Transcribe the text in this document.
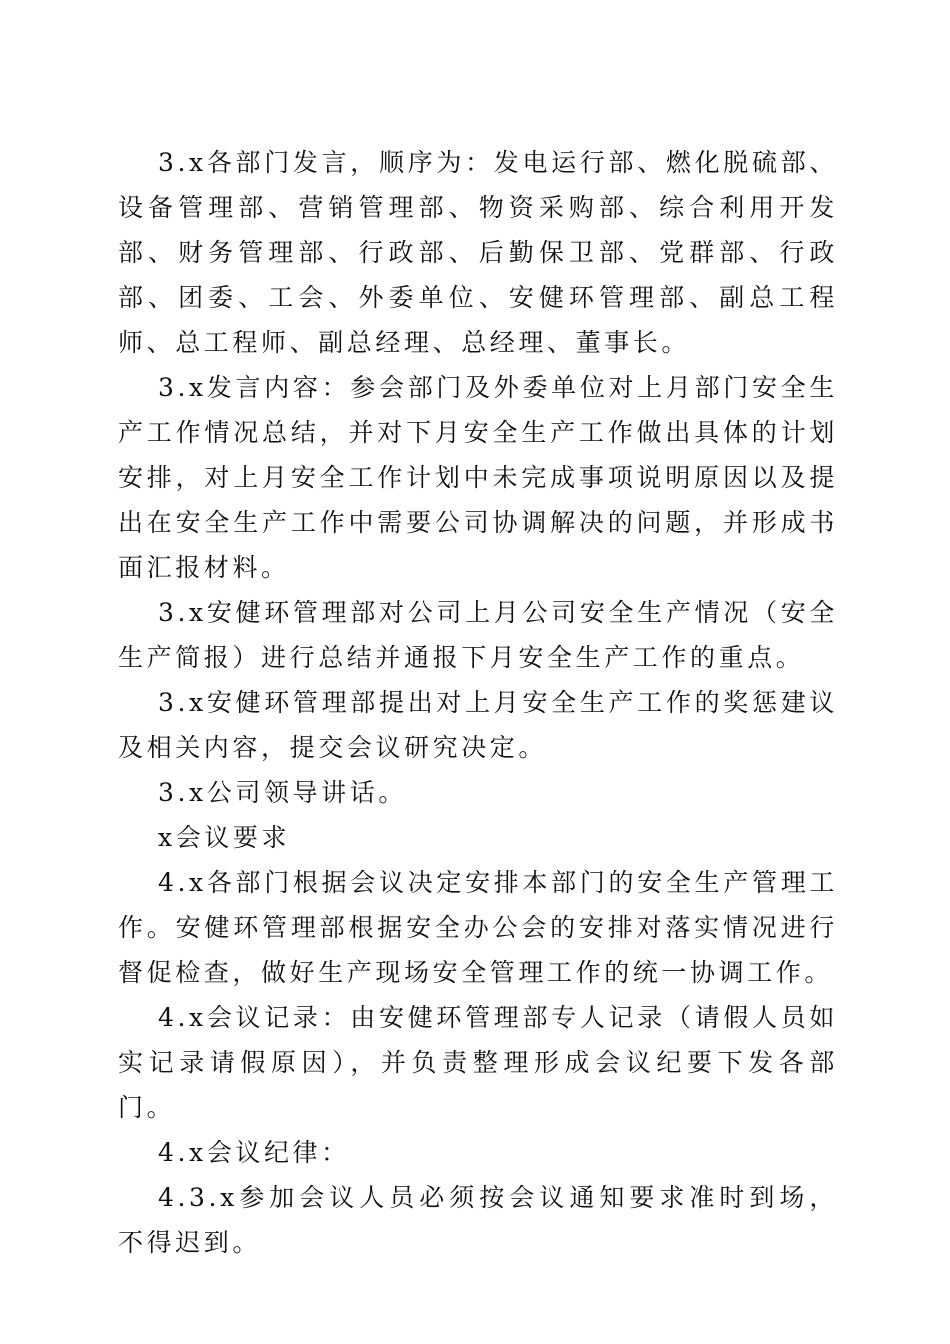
3.x各部门发言，顺序为：发电运行部、燃化脱硫部、设备管理部、营销管理部、物资采购部、综合利用开发部、财务管理部、行政部、后勤保卫部、党群部、行政部、团委、工会、外委单位、安健环管理部、副总工程师、总工程师、副总经理、总经理、董事长。

3.x发言内容：参会部门及外委单位对上月部门安全生产工作情况总结，并对下月安全生产工作做出具体的计划安排，对上月安全工作计划中未完成事项说明原因以及提出在安全生产工作中需要公司协调解决的问题，并形成书面汇报材料。

3.x安健环管理部对公司上月公司安全生产情况（安全生产简报）进行总结并通报下月安全生产工作的重点。

3.x安健环管理部提出对上月安全生产工作的奖惩建议及相关内容，提交会议研究决定。

3.x公司领导讲话。

x会议要求

4.x各部门根据会议决定安排本部门的安全生产管理工作。安健环管理部根据安全办公会的安排对落实情况进行督促检查，做好生产现场安全管理工作的统一协调工作。

4.x会议记录：由安健环管理部专人记录（请假人员如实记录请假原因），并负责整理形成会议纪要下发各部门。

4.x会议纪律：

4.3.x参加会议人员必须按会议通知要求准时到场，不得迟到。
